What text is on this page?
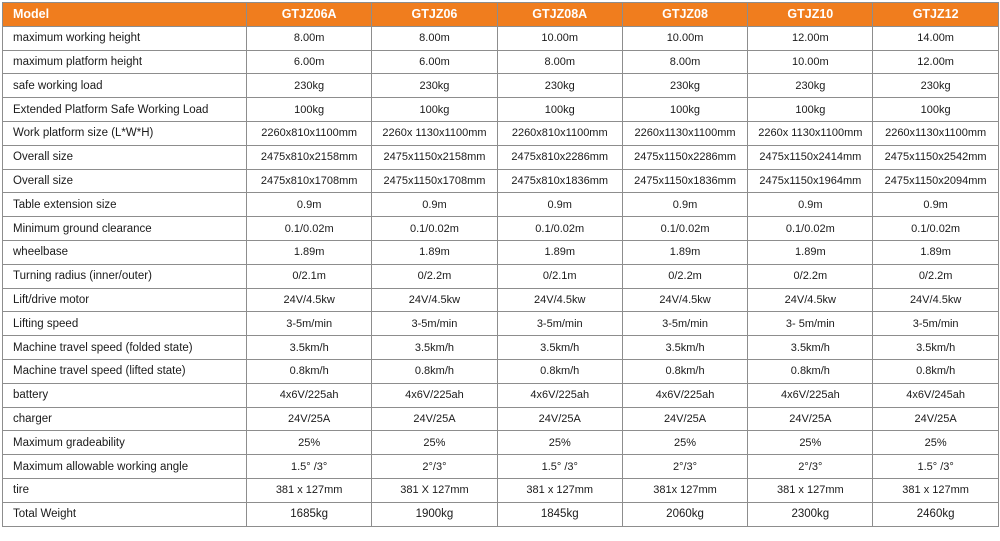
Model	GTJZ06A	GTJZ06	GTJZ08A	GTJZ08	GTJZ10	GTJZ12
maximum working height	8.00m	8.00m	10.00m	10.00m	12.00m	14.00m
maximum platform height	6.00m	6.00m	8.00m	8.00m	10.00m	12.00m
safe working load	230kg	230kg	230kg	230kg	230kg	230kg
Extended Platform Safe Working Load	100kg	100kg	100kg	100kg	100kg	100kg
Work platform size (L*W*H)	2260x810x1100mm	2260x 1130x1100mm	2260x810x1100mm	2260x1130x1100mm	2260x 1130x1100mm	2260x1130x1100mm
Overall size	2475x810x2158mm	2475x1150x2158mm	2475x810x2286mm	2475x1150x2286mm	2475x1150x2414mm	2475x1150x2542mm
Overall size	2475x810x1708mm	2475x1150x1708mm	2475x810x1836mm	2475x1150x1836mm	2475x1150x1964mm	2475x1150x2094mm
Table extension size	0.9m	0.9m	0.9m	0.9m	0.9m	0.9m
Minimum ground clearance	0.1/0.02m	0.1/0.02m	0.1/0.02m	0.1/0.02m	0.1/0.02m	0.1/0.02m
wheelbase	1.89m	1.89m	1.89m	1.89m	1.89m	1.89m
Turning radius (inner/outer)	0/2.1m	0/2.2m	0/2.1m	0/2.2m	0/2.2m	0/2.2m
Lift/drive motor	24V/4.5kw	24V/4.5kw	24V/4.5kw	24V/4.5kw	24V/4.5kw	24V/4.5kw
Lifting speed	3-5m/min	3-5m/min	3-5m/min	3-5m/min	3- 5m/min	3-5m/min
Machine travel speed (folded state)	3.5km/h	3.5km/h	3.5km/h	3.5km/h	3.5km/h	3.5km/h
Machine travel speed (lifted state)	0.8km/h	0.8km/h	0.8km/h	0.8km/h	0.8km/h	0.8km/h
battery	4x6V/225ah	4x6V/225ah	4x6V/225ah	4x6V/225ah	4x6V/225ah	4x6V/245ah
charger	24V/25A	24V/25A	24V/25A	24V/25A	24V/25A	24V/25A
Maximum gradeability	25%	25%	25%	25%	25%	25%
Maximum allowable working angle	1.5° /3°	2°/3°	1.5° /3°	2°/3°	2°/3°	1.5° /3°
tire	381 x 127mm	381 X 127mm	381 x 127mm	381x 127mm	381 x 127mm	381 x 127mm
Total Weight	1685kg	1900kg	1845kg	2060kg	2300kg	2460kg
